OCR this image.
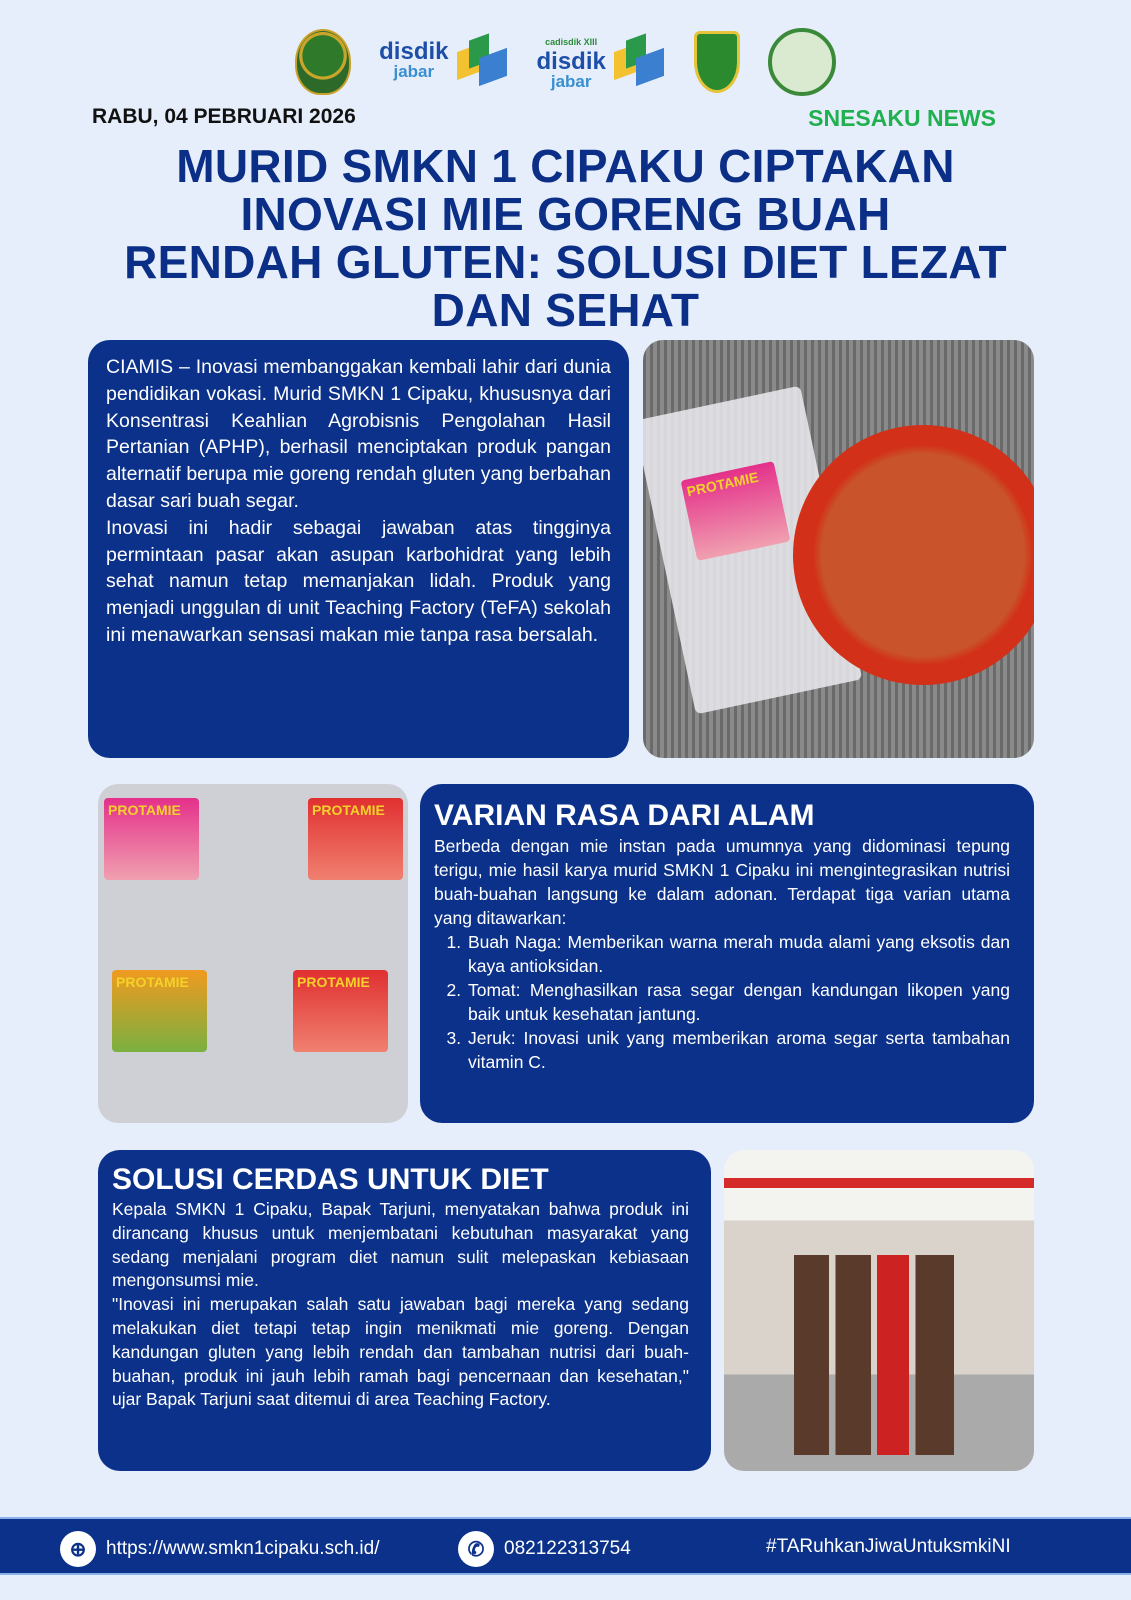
disdik
jabar
cadisdik XIII
disdik
jabar
RABU, 04 PEBRUARI 2026	SNESAKU NEWS
MURID SMKN 1 CIPAKU CIPTAKAN
INOVASI MIE GORENG BUAH
RENDAH GLUTEN: SOLUSI DIET LEZAT
DAN SEHAT

CIAMIS – Inovasi membanggakan kembali lahir dari dunia pendidikan vokasi. Murid SMKN 1 Cipaku, khususnya dari Konsentrasi Keahlian Agrobisnis Pengolahan Hasil Pertanian (APHP), berhasil menciptakan produk pangan alternatif berupa mie goreng rendah gluten yang berbahan dasar sari buah segar.

Inovasi ini hadir sebagai jawaban atas tingginya permintaan pasar akan asupan karbohidrat yang lebih sehat namun tetap memanjakan lidah. Produk yang menjadi unggulan di unit Teaching Factory (TeFA) sekolah ini menawarkan sensasi makan mie tanpa rasa bersalah.

PROTAMIE
PROTAMIE	PROTAMIE
PROTAMIE	PROTAMIE
VARIAN RASA DARI ALAM

Berbeda dengan mie instan pada umumnya yang didominasi tepung terigu, mie hasil karya murid SMKN 1 Cipaku ini mengintegrasikan nutrisi buah-buahan langsung ke dalam adonan. Terdapat tiga varian utama yang ditawarkan:

1. Buah Naga: Memberikan warna merah muda alami yang eksotis dan kaya antioksidan.
2. Tomat: Menghasilkan rasa segar dengan kandungan likopen yang baik untuk kesehatan jantung.
3. Jeruk: Inovasi unik yang memberikan aroma segar serta tambahan vitamin C.
SOLUSI CERDAS UNTUK DIET

Kepala SMKN 1 Cipaku, Bapak Tarjuni, menyatakan bahwa produk ini dirancang khusus untuk menjembatani kebutuhan masyarakat yang sedang menjalani program diet namun sulit melepaskan kebiasaan mengonsumsi mie.

"Inovasi ini merupakan salah satu jawaban bagi mereka yang sedang melakukan diet tetapi tetap ingin menikmati mie goreng. Dengan kandungan gluten yang lebih rendah dan tambahan nutrisi dari buah-buahan, produk ini jauh lebih ramah bagi pencernaan dan kesehatan," ujar Bapak Tarjuni saat ditemui di area Teaching Factory.

⊕	https://www.smkn1cipaku.sch.id/	✆	082122313754	#TARuhkanJiwaUntuksmkiNI
